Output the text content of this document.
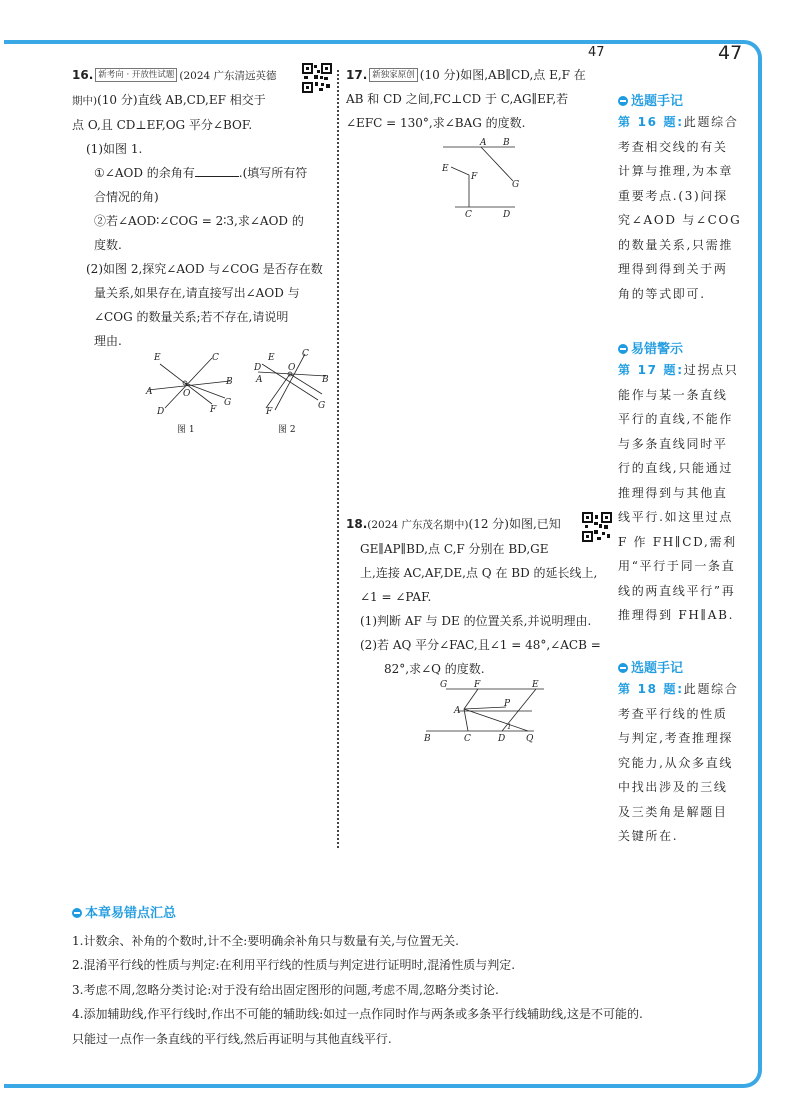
47	47

16. 新考向 · 开放性试题 (2024 广东清远英德

期中)(10 分)直线 AB,CD,EF 相交于

点 O,且 CD⊥EF,OG 平分∠BOF.

(1)如图 1.

①∠AOD 的余角有	.(填写所有符

合情况的角)

②若∠AOD∶∠COG = 2∶3,求∠AOD 的

度数.

(2)如图 2,探究∠AOD 与∠COG 是否存在数

量关系,如果存在,请直接写出∠AOD 与

∠COG 的数量关系;若不存在,请说明

理由.

E	C
A
B
O
G
D	F
图 1
D
E	C
A
O
B
G
F
图 2

17. 新独家原创 (10 分)如图,AB∥CD,点 E,F 在

AB 和 CD 之间,FC⊥CD 于 C,AG∥EF,若

∠EFC = 130°,求∠BAG 的度数.

A B
E
F
G
C	D

18.(2024 广东茂名期中)(12 分)如图,已知

GE∥AP∥BD,点 C,F 分别在 BD,GE

上,连接 AC,AF,DE,点 Q 在 BD 的延长线上,

∠1 = ∠PAF.

(1)判断 AF 与 DE 的位置关系,并说明理由.

(2)若 AQ 平分∠FAC,且∠1 = 48°,∠ACB =

82°,求∠Q 的度数.

G	F	E
A
P
B	C	D
1
Q
选题手记
第 16 题:此题综合
考查相交线的有关
计算与推理,为本章
重要考点.(3)问探
究∠AOD 与∠COG
的数量关系,只需推
理得到得到关于两
角的等式即可.
易错警示
第 17 题:过拐点只
能作与某一条直线
平行的直线,不能作
与多条直线同时平
行的直线,只能通过
推理得到与其他直
线平行.如这里过点
F 作 FH∥CD,需利
用“平行于同一条直
线的两直线平行”再
推理得到 FH∥AB.
选题手记
第 18 题:此题综合
考查平行线的性质
与判定,考查推理探
究能力,从众多直线
中找出涉及的三线
及三类角是解题目
关键所在.

本章易错点汇总

1.计数余、补角的个数时,计不全:要明确余补角只与数量有关,与位置无关.

2.混淆平行线的性质与判定:在利用平行线的性质与判定进行证明时,混淆性质与判定.

3.考虑不周,忽略分类讨论:对于没有给出固定图形的问题,考虑不周,忽略分类讨论.

4.添加辅助线,作平行线时,作出不可能的辅助线:如过一点作同时作与两条或多条平行线辅助线,这是不可能的.

只能过一点作一条直线的平行线,然后再证明与其他直线平行.
